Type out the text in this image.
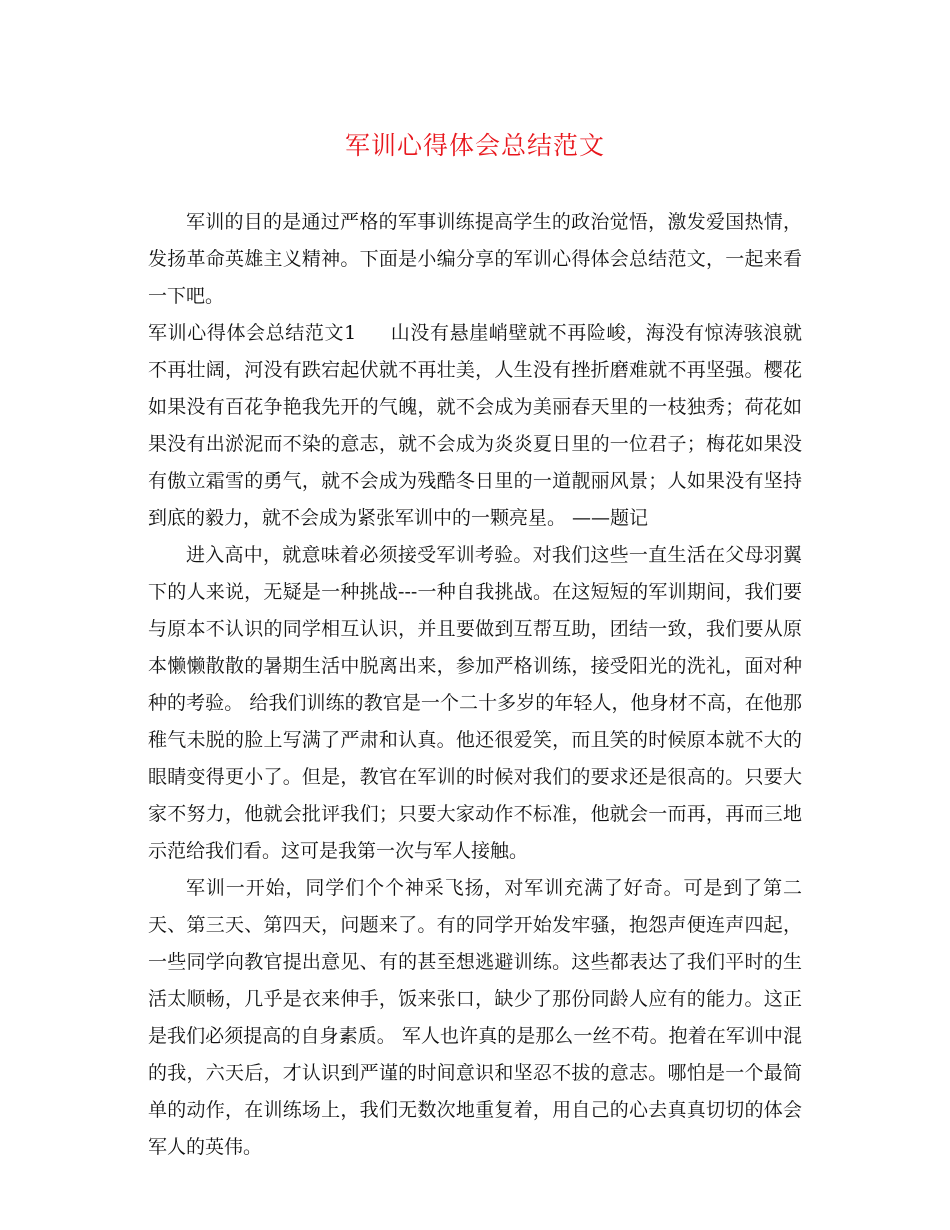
军训心得体会总结范文

军训的目的是通过严格的军事训练提高学生的政治觉悟，激发爱国热情，发扬革命英雄主义精神。下面是小编分享的军训心得体会总结范文，一起来看一下吧。

军训心得体会总结范文1 山没有悬崖峭壁就不再险峻，海没有惊涛骇浪就不再壮阔，河没有跌宕起伏就不再壮美，人生没有挫折磨难就不再坚强。樱花如果没有百花争艳我先开的气魄，就不会成为美丽春天里的一枝独秀；荷花如果没有出淤泥而不染的意志，就不会成为炎炎夏日里的一位君子；梅花如果没有傲立霜雪的勇气，就不会成为残酷冬日里的一道靓丽风景；人如果没有坚持到底的毅力，就不会成为紧张军训中的一颗亮星。 ——题记

进入高中，就意味着必须接受军训考验。对我们这些一直生活在父母羽翼下的人来说，无疑是一种挑战---一种自我挑战。在这短短的军训期间，我们要与原本不认识的同学相互认识，并且要做到互帮互助，团结一致，我们要从原本懒懒散散的暑期生活中脱离出来，参加严格训练，接受阳光的洗礼，面对种种的考验。 给我们训练的教官是一个二十多岁的年轻人，他身材不高，在他那稚气未脱的脸上写满了严肃和认真。他还很爱笑，而且笑的时候原本就不大的眼睛变得更小了。但是，教官在军训的时候对我们的要求还是很高的。只要大家不努力，他就会批评我们；只要大家动作不标准，他就会一而再，再而三地示范给我们看。这可是我第一次与军人接触。

军训一开始，同学们个个神采飞扬，对军训充满了好奇。可是到了第二天、第三天、第四天，问题来了。有的同学开始发牢骚，抱怨声便连声四起，一些同学向教官提出意见、有的甚至想逃避训练。这些都表达了我们平时的生活太顺畅，几乎是衣来伸手，饭来张口，缺少了那份同龄人应有的能力。这正是我们必须提高的自身素质。 军人也许真的是那么一丝不苟。抱着在军训中混的我，六天后，才认识到严谨的时间意识和坚忍不拔的意志。哪怕是一个最简单的动作，在训练场上，我们无数次地重复着，用自己的心去真真切切的体会军人的英伟。
